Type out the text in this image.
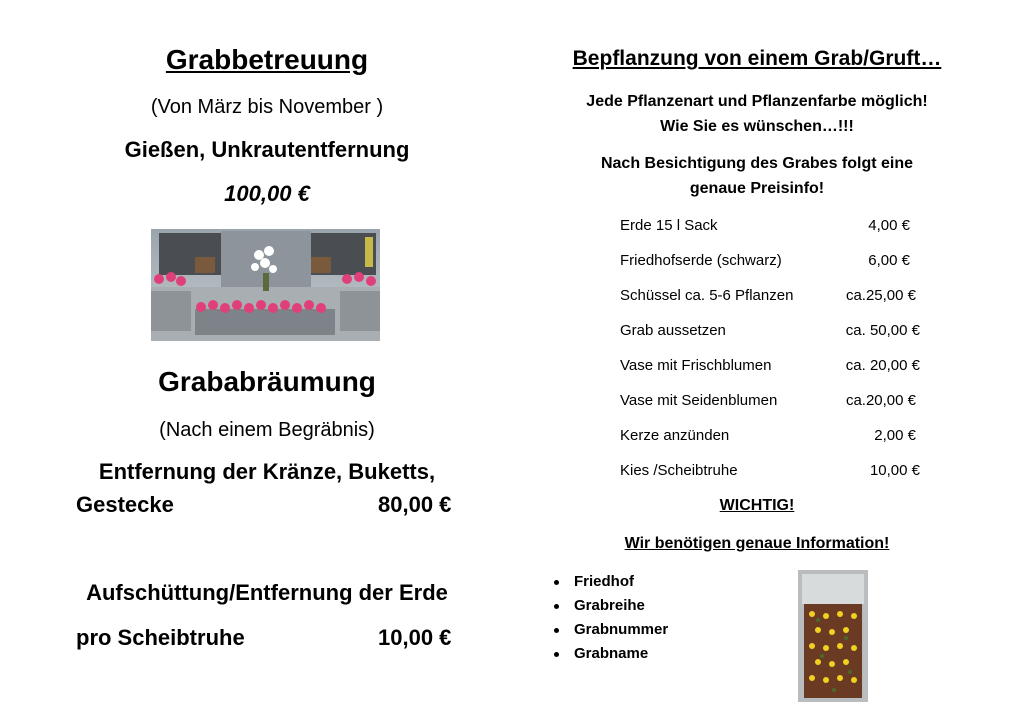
Grabbetreuung
(Von März bis November )
Gießen, Unkrautentfernung
100,00 €
Grababräumung
(Nach einem Begräbnis)
Entfernung der Kränze, Buketts,
Gestecke	80,00 €
Aufschüttung/Entfernung der Erde
pro Scheibtruhe	10,00 €
Bepflanzung von einem Grab/Gruft…
Jede Pflanzenart und Pflanzenfarbe möglich!
Wie Sie es wünschen…!!!
Nach Besichtigung des Grabes folgt eine
genaue Preisinfo!
Erde 15 l Sack	4,00 €
Friedhofserde (schwarz)	6,00 €
Schüssel ca. 5-6 Pflanzen	ca.25,00 €
Grab aussetzen	ca. 50,00 €
Vase mit Frischblumen	ca. 20,00 €
Vase mit Seidenblumen	ca.20,00 €
Kerze anzünden	2,00 €
Kies /Scheibtruhe	10,00 €
WICHTIG!
Wir benötigen genaue Information!
Friedhof
Grabreihe
Grabnummer
Grabname
